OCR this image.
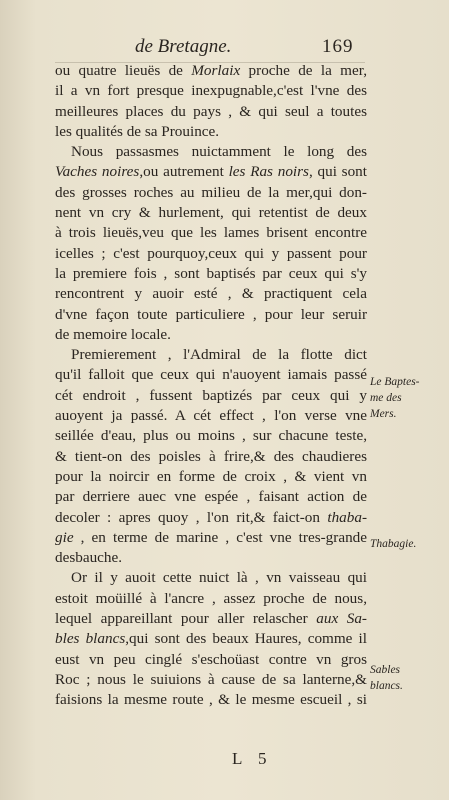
de Bretagne.	169
ou quatre lieuës de Morlaix proche de la mer,
il a vn fort presque inexpugnable,c'est l'vne des
meilleures places du pays , & qui seul a toutes
les qualités de sa Prouince.
Nous passasmes nuictamment le long des
Vaches noires,ou autrement les Ras noirs, qui sont
des grosses roches au milieu de la mer,qui don-
nent vn cry & hurlement, qui retentist de deux
à trois lieuës,veu que les lames brisent encontre
icelles ; c'est pourquoy,ceux qui y passent pour
la premiere fois , sont baptisés par ceux qui s'y
rencontrent y auoir esté , & practiquent cela
d'vne façon toute particuliere , pour leur seruir
de memoire locale.
Premierement , l'Admiral de la flotte dict
qu'il falloit que ceux qui n'auoyent iamais passé
cét endroit , fussent baptizés par ceux qui y
auoyent ja passé. A cét effect , l'on verse vne
seillée d'eau, plus ou moins , sur chacune teste,
& tient-on des poisles à frire,& des chaudieres
pour la noircir en forme de croix , & vient vn
par derriere auec vne espée , faisant action de
decoler : apres quoy , l'on rit,& faict-on thaba-
gie , en terme de marine , c'est vne tres-grande
desbauche.
Or il y auoit cette nuict là , vn vaisseau qui
estoit moüillé à l'ancre , assez proche de nous,
lequel appareillant pour aller relascher aux Sa-
bles blancs,qui sont des beaux Haures, comme il
eust vn peu cinglé s'eschoüast contre vn gros
Roc ; nous le suiuions à cause de sa lanterne,&
faisions la mesme route , & le mesme escueil , si
Le Baptes-
me des
Mers.
Thabagie.
Sables
blancs.
L 5
